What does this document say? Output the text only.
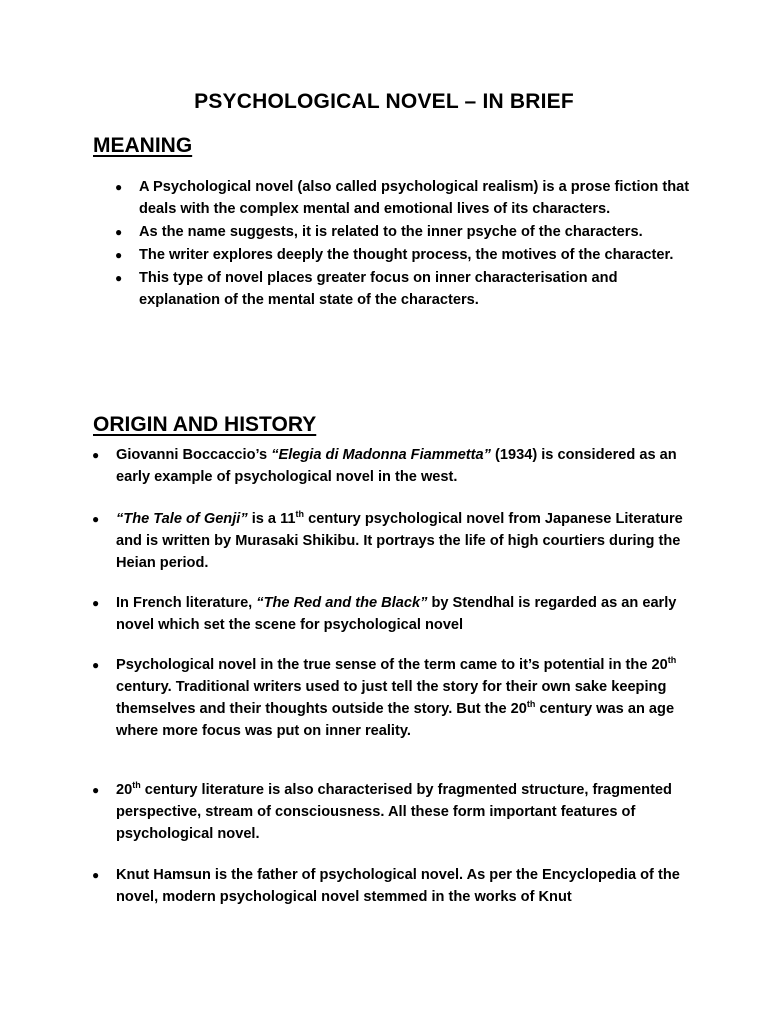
PSYCHOLOGICAL NOVEL – IN BRIEF
MEANING
● A Psychological novel (also called psychological realism) is a prose fiction that deals with the complex mental and emotional lives of its characters.
● As the name suggests, it is related to the inner psyche of the characters.
● The writer explores deeply the thought process, the motives of the character.
● This type of novel places greater focus on inner characterisation and explanation of the mental state of the characters.
ORIGIN AND HISTORY
● Giovanni Boccaccio’s “Elegia di Madonna Fiammetta” (1934) is considered as an early example of psychological novel in the west.
● “The Tale of Genji” is a 11th century psychological novel from Japanese Literature and is written by Murasaki Shikibu. It portrays the life of high courtiers during the Heian period.
● In French literature, “The Red and the Black” by Stendhal is regarded as an early novel which set the scene for psychological novel
● Psychological novel in the true sense of the term came to it’s potential in the 20th century. Traditional writers used to just tell the story for their own sake keeping themselves and their thoughts outside the story. But the 20th century was an age where more focus was put on inner reality.
● 20th century literature is also characterised by fragmented structure, fragmented perspective, stream of consciousness. All these form important features of psychological novel.
● Knut Hamsun is the father of psychological novel. As per the Encyclopedia of the novel, modern psychological novel stemmed in the works of Knut
